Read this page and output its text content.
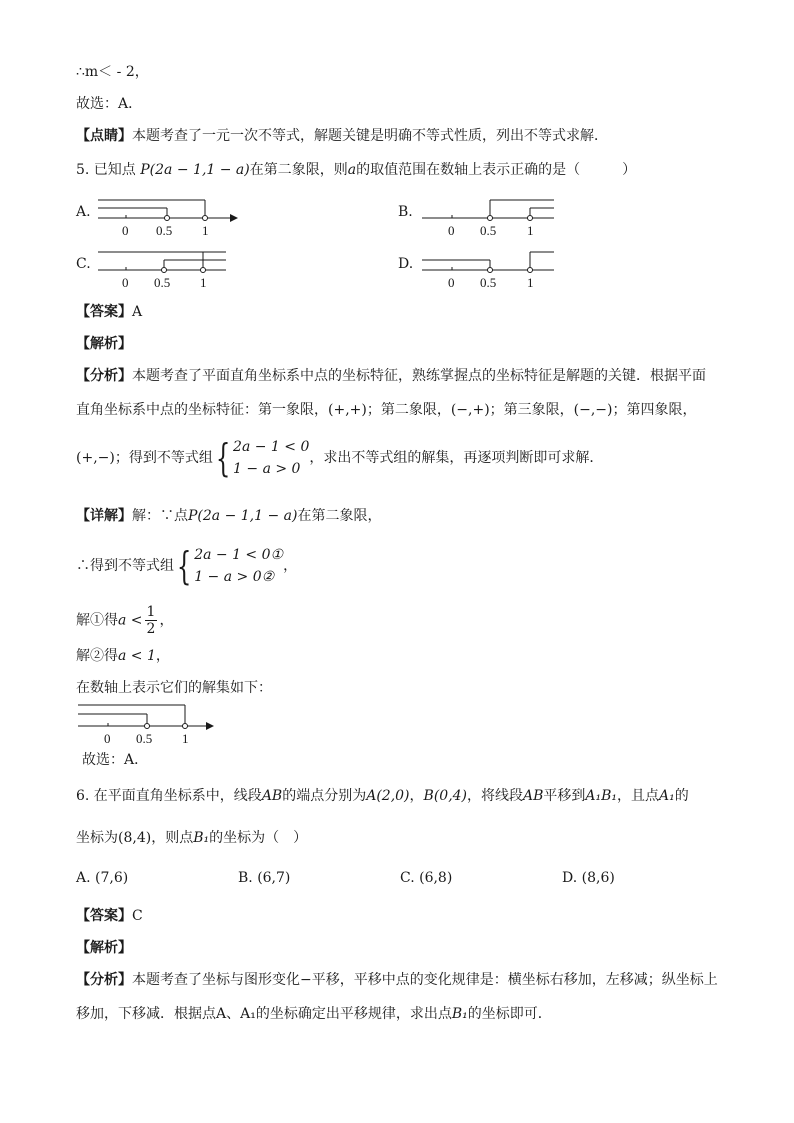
∴m＜ - 2，
故选：A．
【点睛】本题考查了一元一次不等式，解题关键是明确不等式性质，列出不等式求解．
5. 已知点 P(2a − 1,1 − a)在第二象限，则a的取值范围在数轴上表示正确的是（　　　）
A.
0 0.5 1
B.
0 0.5 1
C.
0 0.5 1
D.
0 0.5 1
【答案】A
【解析】
【分析】本题考查了平面直角坐标系中点的坐标特征，熟练掌握点的坐标特征是解题的关键．根据平面
直角坐标系中点的坐标特征：第一象限，(+,+)；第二象限，(−,+)；第三象限，(−,−)；第四象限，
(+,−)；得到不等式组{ 2a − 1 < 0
1 − a > 0
，求出不等式组的解集，再逐项判断即可求解．
【详解】解：∵点P(2a − 1,1 − a)在第二象限，
∴得到不等式组{ 2a − 1 < 0①
1 − a > 0②
，
解①得$a < \frac{1}{2}$ ，
解②得a < 1，
在数轴上表示它们的解集如下：
0 0.5 1
故选：A．
6. 在平面直角坐标系中，线段AB的端点分别为A(2,0)，B(0,4)，将线段AB平移到A₁B₁，且点A₁的
坐标为(8,4)，则点B₁的坐标为（　）
A. (7,6)	B. (6,7)	C. (6,8)	D. (8,6)
【答案】C
【解析】
【分析】本题考查了坐标与图形变化−平移，平移中点的变化规律是：横坐标右移加，左移减；纵坐标上
移加，下移减．根据点A、A₁的坐标确定出平移规律，求出点B₁的坐标即可．
